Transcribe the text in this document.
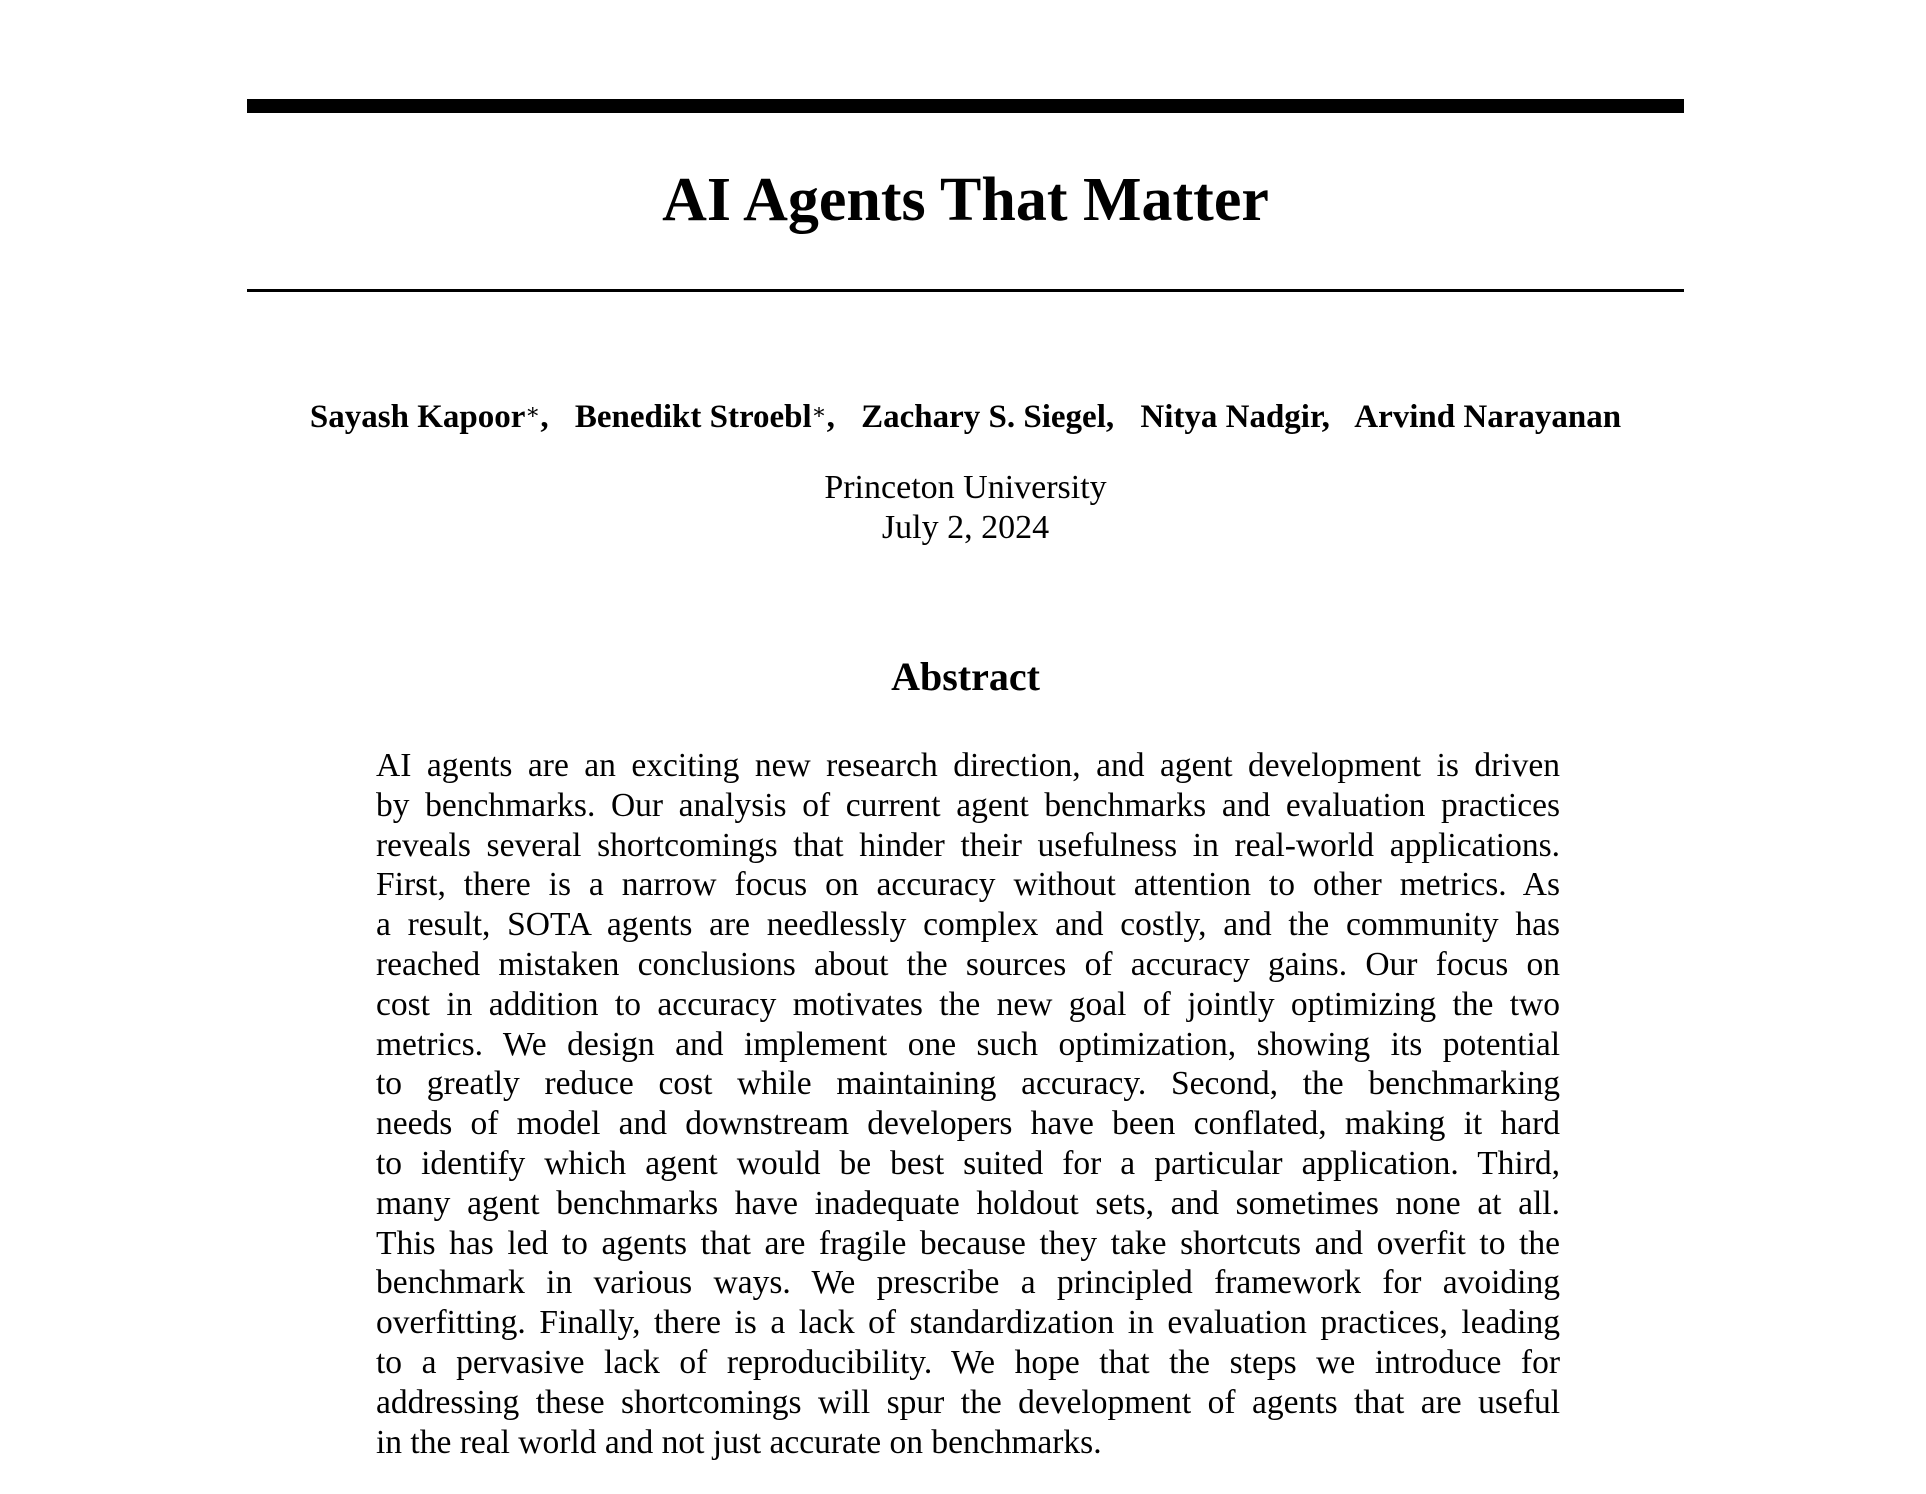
AI Agents That Matter
Sayash Kapoor∗, Benedikt Stroebl∗, Zachary S. Siegel, Nitya Nadgir, Arvind Narayanan
Princeton University
July 2, 2024
Abstract
AI agents are an exciting new research direction, and agent development is driven
by benchmarks. Our analysis of current agent benchmarks and evaluation practices
reveals several shortcomings that hinder their usefulness in real-world applications.
First, there is a narrow focus on accuracy without attention to other metrics. As
a result, SOTA agents are needlessly complex and costly, and the community has
reached mistaken conclusions about the sources of accuracy gains. Our focus on
cost in addition to accuracy motivates the new goal of jointly optimizing the two
metrics. We design and implement one such optimization, showing its potential
to greatly reduce cost while maintaining accuracy. Second, the benchmarking
needs of model and downstream developers have been conflated, making it hard
to identify which agent would be best suited for a particular application. Third,
many agent benchmarks have inadequate holdout sets, and sometimes none at all.
This has led to agents that are fragile because they take shortcuts and overfit to the
benchmark in various ways. We prescribe a principled framework for avoiding
overfitting. Finally, there is a lack of standardization in evaluation practices, leading
to a pervasive lack of reproducibility. We hope that the steps we introduce for
addressing these shortcomings will spur the development of agents that are useful
in the real world and not just accurate on benchmarks.
